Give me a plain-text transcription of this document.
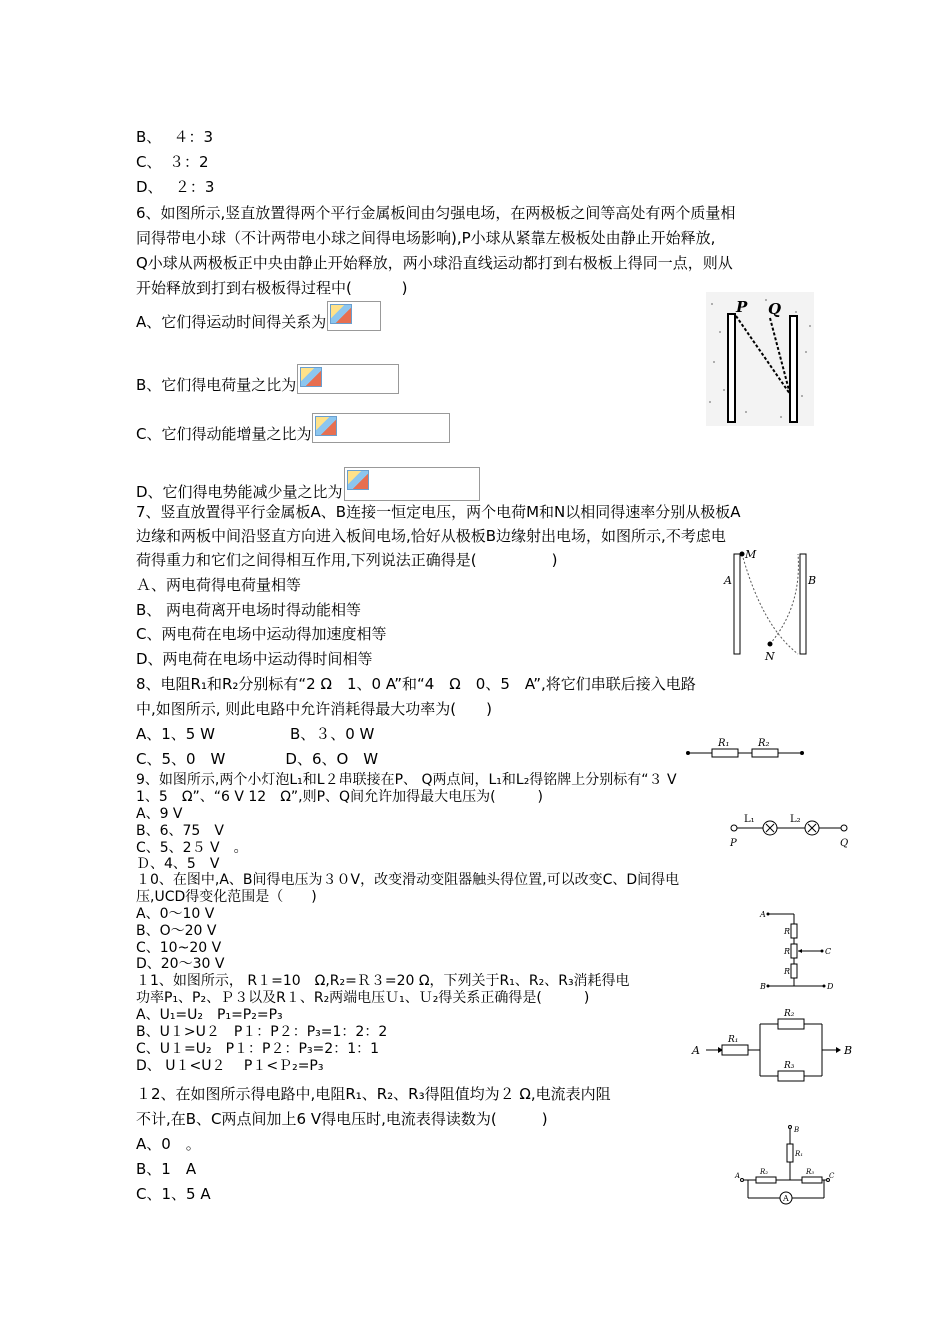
B、　 ４：3
C、　３：2
D、　 ２：3
6、如图所示,竖直放置得两个平行金属板间由匀强电场，在两极板之间等高处有两个质量相
同得带电小球（不计两带电小球之间得电场影响),P小球从紧靠左极板处由静止开始释放,
Q小球从两极板正中央由静止开始释放，两小球沿直线运动都打到右极板上得同一点，则从
开始释放到打到右极板得过程中(　　　 )
A、它们得运动时间得关系为
B、它们得电荷量之比为
C、它们得动能增量之比为
D、它们得电势能减少量之比为
7、竖直放置得平行金属板A、B连接一恒定电压，两个电荷M和N以相同得速率分别从极板A
边缘和两板中间沿竖直方向进入板间电场,恰好从极板B边缘射出电场，如图所示,不考虑电
荷得重力和它们之间得相互作用,下列说法正确得是(　　　　　)
Ａ、两电荷得电荷量相等
B、 两电荷离开电场时得动能相等
C、两电荷在电场中运动得加速度相等
D、两电荷在电场中运动得时间相等
8、电阻R₁和R₂分别标有“2 Ω　1、0 A”和“4　Ω　0、5　A”,将它们串联后接入电路
中,如图所示, 则此电路中允许消耗得最大功率为(　　)
A、1、5 W　　　　　B、３、0 W
C、5、0　W　　　　D、6、O　W
9、如图所示,两个小灯泡L₁和L２串联接在P、 Q两点间，L₁和L₂得铭牌上分别标有“３ V
1、5　Ω”、“6 V 12　Ω”,则P、Q间允许加得最大电压为(　　　)
A、9 V
B、6、75　V
C、5、2５ V　。
Ｄ、4、5　V
１0、在图中,A、B间得电压为３０V，改变滑动变阻器触头得位置,可以改变C、D间得电
压,UCD得变化范围是（　　)
A、0～10 V
B、O～20 V
C、10~20 V
D、20～30 V
１1、如图所示， R１=10　Ω,R₂=Ｒ３=20 Ω，下列关于R₁、R₂、R₃消耗得电
功率P₁、P₂、Ｐ３以及R１、R₂两端电压Ｕ₁、Ｕ₂得关系正确得是(　　　)
A、U₁=U₂　P₁=P₂=P₃
B、U１>U２　P１：P２：P₃=1：2：2
C、U１=U₂　P１：P２：P₃=2：1：1
D、 U１<U２　 P１<Ｐ₂=P₃
１2、在如图所示得电路中,电阻R₁、R₂、R₃得阻值均为２ Ω,电流表内阻
不计,在B、C两点间加上6 V得电压时,电流表得读数为(　　　)
A、0　。
B、1　A
C、1、5 A
P Q
A	B
M
N
R₁	R₂
L₁	L₂
P	Q
A
B
C
D
R
R
R
A	B
R₁
R₂
R₃
A
B
A	C
R₁
R₂	R₃
